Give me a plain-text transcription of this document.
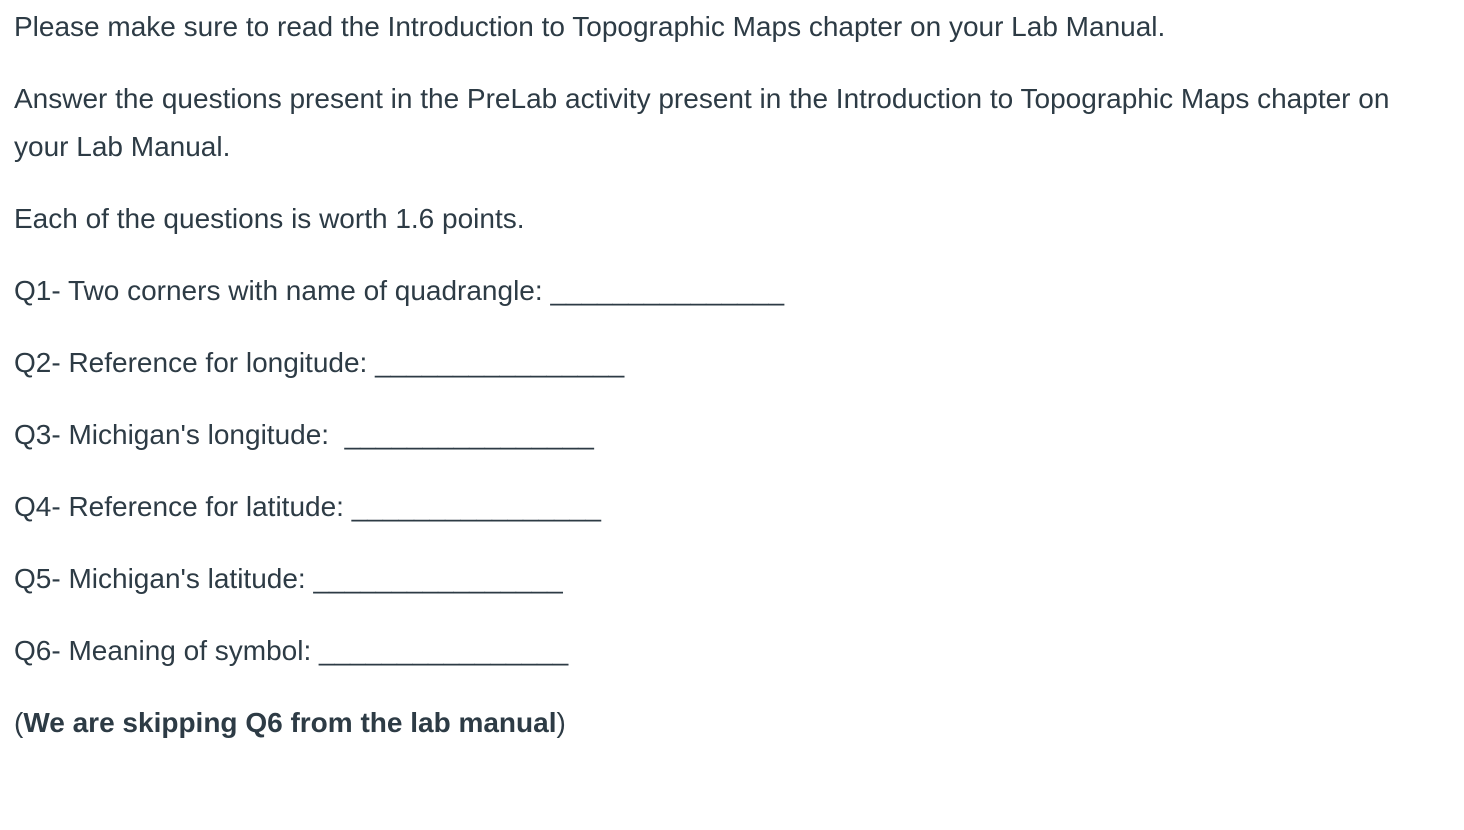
Please make sure to read the Introduction to Topographic Maps chapter on your Lab Manual.

Answer the questions present in the PreLab activity present in the Introduction to Topographic Maps chapter on your Lab Manual.

Each of the questions is worth 1.6 points.

Q1- Two corners with name of quadrangle: _______________

Q2- Reference for longitude: ________________

Q3- Michigan's longitude: ________________

Q4- Reference for latitude: ________________

Q5- Michigan's latitude: ________________

Q6- Meaning of symbol: ________________

(We are skipping Q6 from the lab manual)
